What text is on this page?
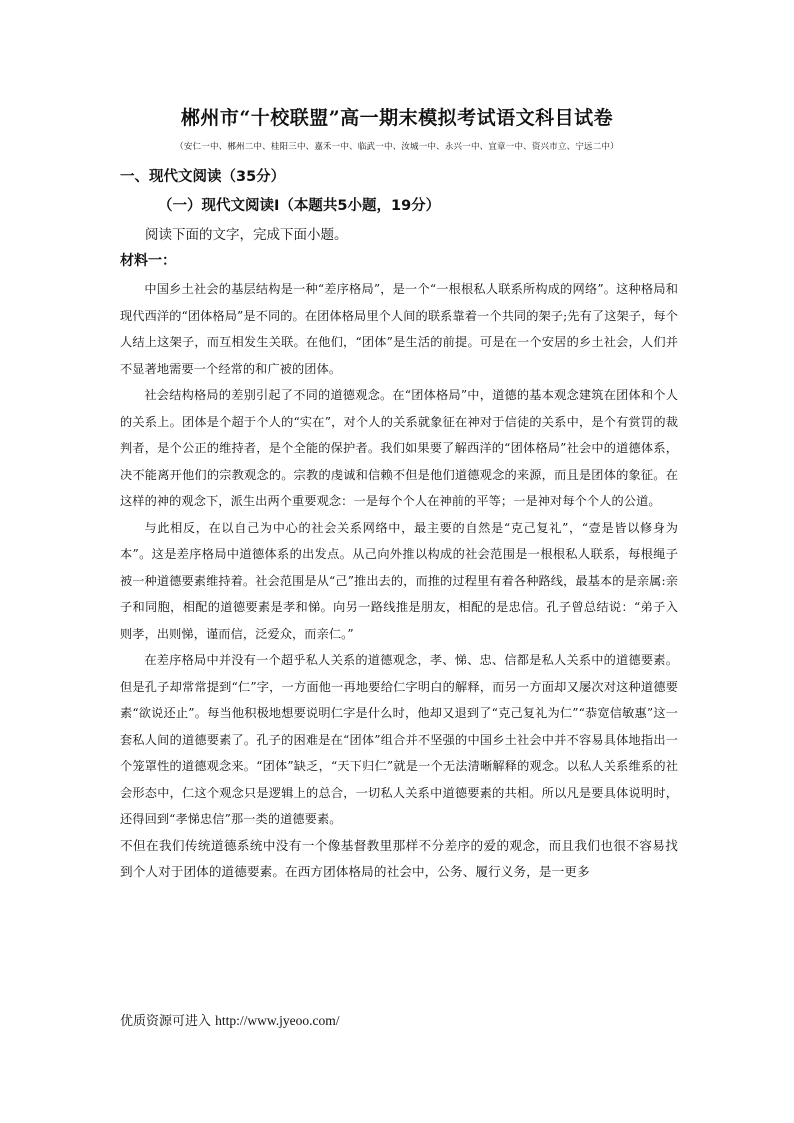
郴州市“十校联盟”高一期末模拟考试语文科目试卷
（安仁一中、郴州二中、桂阳三中、嘉禾一中、临武一中、汝城一中、永兴一中、宜章一中、资兴市立、宁远二中）
一、现代文阅读（35分）
（一）现代文阅读Ⅰ（本题共5小题，19分）
阅读下面的文字，完成下面小题。
材料一：

中国乡土社会的基层结构是一种“差序格局”，是一个“一根根私人联系所构成的网络”。这种格局和现代西洋的“团体格局”是不同的。在团体格局里个人间的联系靠着一个共同的架子;先有了这架子，每个人结上这架子，而互相发生关联。在他们，“团体”是生活的前提。可是在一个安居的乡土社会，人们并不显著地需要一个经常的和广被的团体。

社会结构格局的差别引起了不同的道德观念。在“团体格局”中，道德的基本观念建筑在团体和个人的关系上。团体是个超于个人的“实在”，对个人的关系就象征在神对于信徒的关系中，是个有赏罚的裁判者，是个公正的维持者，是个全能的保护者。我们如果要了解西洋的“团体格局”社会中的道德体系，决不能离开他们的宗教观念的。宗教的虔诚和信赖不但是他们道德观念的来源，而且是团体的象征。在这样的神的观念下，派生出两个重要观念：一是每个个人在神前的平等；一是神对每个个人的公道。

与此相反，在以自己为中心的社会关系网络中，最主要的自然是“克己复礼”，“壹是皆以修身为本”。这是差序格局中道德体系的出发点。从己向外推以构成的社会范围是一根根私人联系，每根绳子被一种道德要素维持着。社会范围是从“己”推出去的，而推的过程里有着各种路线，最基本的是亲属:亲子和同胞，相配的道德要素是孝和悌。向另一路线推是朋友，相配的是忠信。孔子曾总结说：“弟子入则孝，出则悌，谨而信，泛爱众，而亲仁。”

在差序格局中并没有一个超乎私人关系的道德观念，孝、悌、忠、信都是私人关系中的道德要素。但是孔子却常常提到“仁”字，一方面他一再地要给仁字明白的解释，而另一方面却又屡次对这种道德要素“欲说还止”。每当他积极地想要说明仁字是什么时，他却又退到了“克己复礼为仁”“恭宽信敏惠”这一套私人间的道德要素了。孔子的困难是在“团体”组合并不坚强的中国乡土社会中并不容易具体地指出一个笼罩性的道德观念来。“团体”缺乏，“天下归仁”就是一个无法清晰解释的观念。以私人关系维系的社会形态中，仁这个观念只是逻辑上的总合，一切私人关系中道德要素的共相。所以凡是要具体说明时，还得回到“孝悌忠信”那一类的道德要素。

不但在我们传统道德系统中没有一个像基督教里那样不分差序的爱的观念，而且我们也很不容易找到个人对于团体的道德要素。在西方团体格局的社会中，公务、履行义务，是一更多

优质资源可进入 http://www.jyeoo.com/
